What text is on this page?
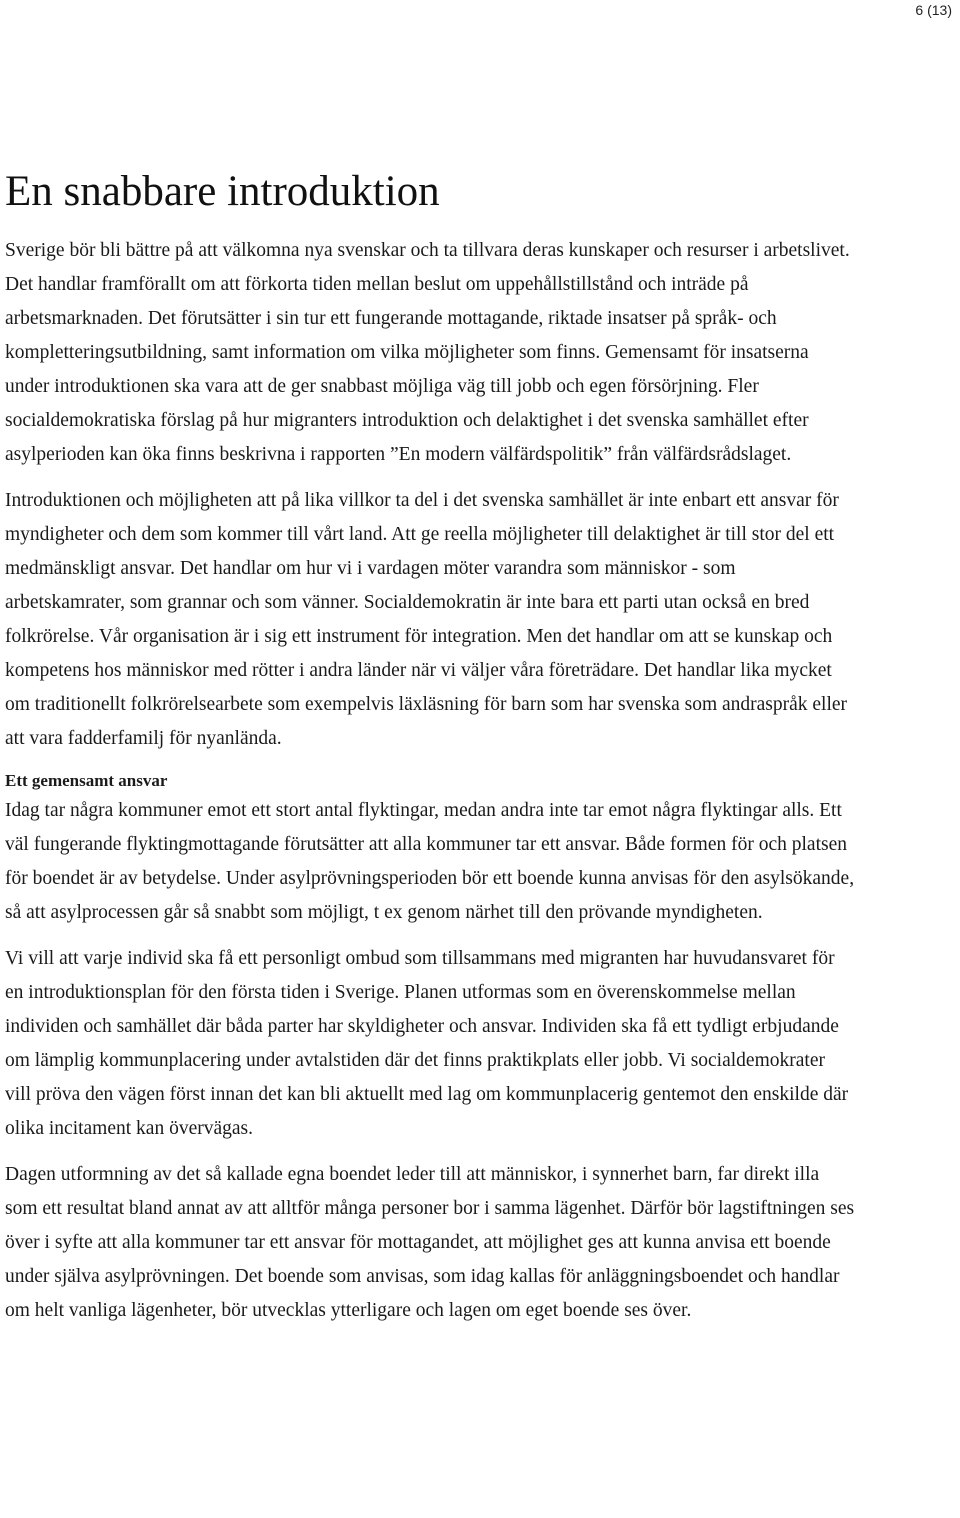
6 (13)
En snabbare introduktion

Sverige bör bli bättre på att välkomna nya svenskar och ta tillvara deras kunskaper och resurser i arbetslivet. Det handlar framförallt om att förkorta tiden mellan beslut om uppehållstillstånd och inträde på arbetsmarknaden. Det förutsätter i sin tur ett fungerande mottagande, riktade insatser på språk- och kompletteringsutbildning, samt information om vilka möjligheter som finns. Gemensamt för insatserna under introduktionen ska vara att de ger snabbast möjliga väg till jobb och egen försörjning. Fler socialdemokratiska förslag på hur migranters introduktion och delaktighet i det svenska samhället efter asylperioden kan öka finns beskrivna i rapporten ”En modern välfärdspolitik” från välfärdsrådslaget.

Introduktionen och möjligheten att på lika villkor ta del i det svenska samhället är inte enbart ett ansvar för myndigheter och dem som kommer till vårt land. Att ge reella möjligheter till delaktighet är till stor del ett medmänskligt ansvar. Det handlar om hur vi i vardagen möter varandra som människor - som arbetskamrater, som grannar och som vänner. Socialdemokratin är inte bara ett parti utan också en bred folkrörelse. Vår organisation är i sig ett instrument för integration. Men det handlar om att se kunskap och kompetens hos människor med rötter i andra länder när vi väljer våra företrädare. Det handlar lika mycket om traditionellt folkrörelsearbete som exempelvis läxläsning för barn som har svenska som andraspråk eller att vara fadderfamilj för nyanlända.

Ett gemensamt ansvar

Idag tar några kommuner emot ett stort antal flyktingar, medan andra inte tar emot några flyktingar alls. Ett väl fungerande flyktingmottagande förutsätter att alla kommuner tar ett ansvar. Både formen för och platsen för boendet är av betydelse. Under asylprövningsperioden bör ett boende kunna anvisas för den asylsökande, så att asylprocessen går så snabbt som möjligt, t ex genom närhet till den prövande myndigheten.

Vi vill att varje individ ska få ett personligt ombud som tillsammans med migranten har huvudansvaret för en introduktionsplan för den första tiden i Sverige. Planen utformas som en överenskommelse mellan individen och samhället där båda parter har skyldigheter och ansvar. Individen ska få ett tydligt erbjudande om lämplig kommunplacering under avtalstiden där det finns praktikplats eller jobb. Vi socialdemokrater vill pröva den vägen först innan det kan bli aktuellt med lag om kommunplacerig gentemot den enskilde där olika incitament kan övervägas.

Dagen utformning av det så kallade egna boendet leder till att människor, i synnerhet barn, far direkt illa som ett resultat bland annat av att alltför många personer bor i samma lägenhet. Därför bör lagstiftningen ses över i syfte att alla kommuner tar ett ansvar för mottagandet, att möjlighet ges att kunna anvisa ett boende under själva asylprövningen. Det boende som anvisas, som idag kallas för anläggningsboendet och handlar om helt vanliga lägenheter, bör utvecklas ytterligare och lagen om eget boende ses över.
